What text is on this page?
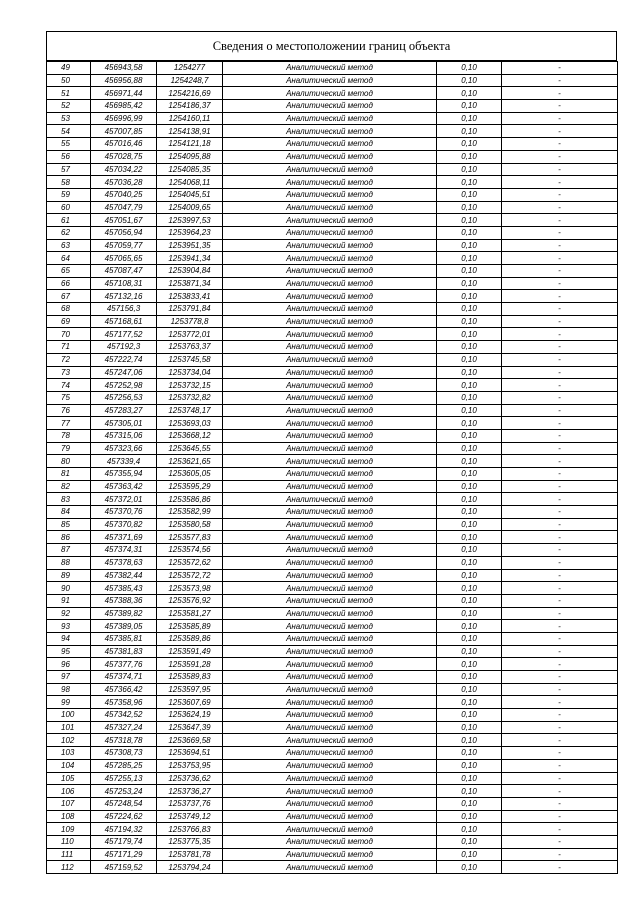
Сведения о местоположении границ объекта
49	456943,58	1254277	Аналитический метод	0,10	-
50	456956,88	1254248,7	Аналитический метод	0,10	-
51	456971,44	1254216,69	Аналитический метод	0,10	-
52	456985,42	1254186,37	Аналитический метод	0,10	-
53	456996,99	1254160,11	Аналитический метод	0,10	-
54	457007,85	1254138,91	Аналитический метод	0,10	-
55	457016,46	1254121,18	Аналитический метод	0,10	-
56	457028,75	1254095,88	Аналитический метод	0,10	-
57	457034,22	1254085,35	Аналитический метод	0,10	-
58	457036,28	1254068,11	Аналитический метод	0,10	-
59	457040,25	1254045,51	Аналитический метод	0,10	-
60	457047,79	1254009,65	Аналитический метод	0,10	-
61	457051,67	1253997,53	Аналитический метод	0,10	-
62	457056,94	1253964,23	Аналитический метод	0,10	-
63	457059,77	1253951,35	Аналитический метод	0,10	-
64	457065,65	1253941,34	Аналитический метод	0,10	-
65	457087,47	1253904,84	Аналитический метод	0,10	-
66	457108,31	1253871,34	Аналитический метод	0,10	-
67	457132,16	1253833,41	Аналитический метод	0,10	-
68	457156,3	1253791,84	Аналитический метод	0,10	-
69	457168,61	1253778,8	Аналитический метод	0,10	-
70	457177,52	1253772,01	Аналитический метод	0,10	-
71	457192,3	1253763,37	Аналитический метод	0,10	-
72	457222,74	1253745,58	Аналитический метод	0,10	-
73	457247,06	1253734,04	Аналитический метод	0,10	-
74	457252,98	1253732,15	Аналитический метод	0,10	-
75	457256,53	1253732,82	Аналитический метод	0,10	-
76	457283,27	1253748,17	Аналитический метод	0,10	-
77	457305,01	1253693,03	Аналитический метод	0,10	-
78	457315,06	1253668,12	Аналитический метод	0,10	-
79	457323,66	1253645,55	Аналитический метод	0,10	-
80	457339,4	1253621,65	Аналитический метод	0,10	-
81	457355,94	1253605,05	Аналитический метод	0,10	-
82	457363,42	1253595,29	Аналитический метод	0,10	-
83	457372,01	1253586,86	Аналитический метод	0,10	-
84	457370,76	1253582,99	Аналитический метод	0,10	-
85	457370,82	1253580,58	Аналитический метод	0,10	-
86	457371,69	1253577,83	Аналитический метод	0,10	-
87	457374,31	1253574,56	Аналитический метод	0,10	-
88	457378,63	1253572,62	Аналитический метод	0,10	-
89	457382,44	1253572,72	Аналитический метод	0,10	-
90	457385,43	1253573,98	Аналитический метод	0,10	-
91	457388,36	1253576,92	Аналитический метод	0,10	-
92	457389,82	1253581,27	Аналитический метод	0,10	-
93	457389,05	1253585,89	Аналитический метод	0,10	-
94	457385,81	1253589,86	Аналитический метод	0,10	-
95	457381,83	1253591,49	Аналитический метод	0,10	-
96	457377,76	1253591,28	Аналитический метод	0,10	-
97	457374,71	1253589,83	Аналитический метод	0,10	-
98	457366,42	1253597,95	Аналитический метод	0,10	-
99	457358,96	1253607,69	Аналитический метод	0,10	-
100	457342,52	1253624,19	Аналитический метод	0,10	-
101	457327,24	1253647,39	Аналитический метод	0,10	-
102	457318,78	1253669,58	Аналитический метод	0,10	-
103	457308,73	1253694,51	Аналитический метод	0,10	-
104	457285,25	1253753,95	Аналитический метод	0,10	-
105	457255,13	1253736,62	Аналитический метод	0,10	-
106	457253,24	1253736,27	Аналитический метод	0,10	-
107	457248,54	1253737,76	Аналитический метод	0,10	-
108	457224,62	1253749,12	Аналитический метод	0,10	-
109	457194,32	1253766,83	Аналитический метод	0,10	-
110	457179,74	1253775,35	Аналитический метод	0,10	-
111	457171,29	1253781,78	Аналитический метод	0,10	-
112	457159,52	1253794,24	Аналитический метод	0,10	-
